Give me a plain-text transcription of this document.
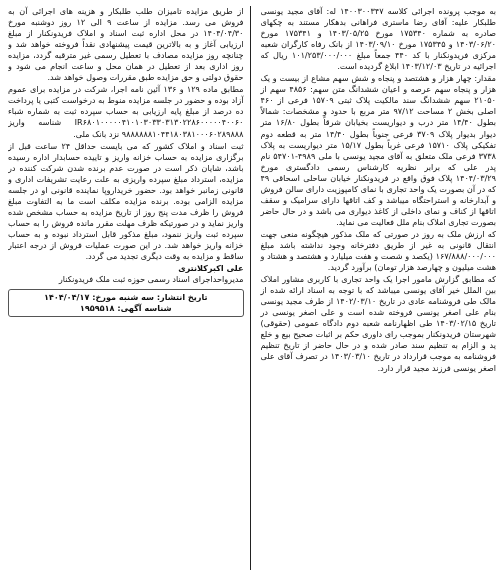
به موجب پرونده اجرائی کلاسه ۱۴۰۰۳۰۰۳۴۷ له: آقای مجید یونسی طلبکار علیه: آقای رضا ماستری فراهانی بدهکار مستند به چکهای صادره به شماره ۱۷۵۳۴۰ مورخ ۱۴۰۳/۰۵/۲۵ و ۱۷۵۳۴۱ مورخ ۱۴۰۳/۰۶/۲۰ و ۱۷۵۳۴۵ مورخ ۱۴۰۳/۰۹/۱۰ از بانک رفاه کارگران شعبه مرکزی فریدونکنار با کد ۴۴۰ جمعاً مبلغ ۱۰۱/۲۵۳/۰۰۰/۰۰۰ ریال که اجرائیه در تاریخ ۱۴۰۳/۱۲/۰۳ ابلاغ گردیده است.

مقدار: چهار هزار و هشتصد و پنجاه و شش سهم مشاع از بیست و یک هزار و پنجاه سهم عرصه و اعیان ششدانگ متن سهم: ۴۸۵۶ سهم از ۲۱۰۵۰ سهم ششدانگ سند مالکیت پلاک ثبتی ۱۵۷۰۹ فرعی از ۴۶۰ اصلی بخش ۲ مساحت ۹۷/۱۲ متر مربع با حدود و مشخصات: شمالاً بطول ۱۴/۴۰ متر درب و دیواریست بخیابان شرقاً بطول ۱۶/۸۰ متر دیوار بدیوار پلاک ۳۷۰۹ فرعی جنوباً بطول ۱۴/۴۰ متر به قطعه دوم تفکیکی پلاک ۱۵۷۱۰ فرعی غرباً بطول ۱۵/۱۷ متر دیواریست به پلاک ۳۷۳۸ فرعی ملک متعلق به آقای مجید یونسی با ملی ۴۹۸۹-۵۴۷۰۱ نام پدر علی که برابر نظریه کارشناس رسمی دادگستری مورخ ۱۴۰۴/۰۳/۲۹ پلاک فوق واقع در فریدونکنار خیابان ساحلی اسحاقی ۴۹ که در آن بصورت یک واحد تجاری با نمای کامپوزیت دارای سالن فروش و آبدارخانه و استراحتگاه میباشد و کف اتاقها دارای سرامیک و سقف اتاقها از کناف و نمای داخلی از کاغذ دیواری می باشد و در حال حاضر بصورت تجاری املاک بنام ملل فعالیت می نماید.

که ارزش ملک به روز در صورتی که ملک مذکور هیچگونه منعی جهت انتقال قانونی به غیر از طریق دفترخانه وجود نداشته باشد مبلغ ۱۶۷/۸۸۸/۰۰۰/۰۰۰ (یکصد و شصت و هفت میلیارد و هشتصد و هشتاد و هشت میلیون و چهارصد هزار تومان) برآورد گردید.

که مطابق گزارش مامور اجرا یک واحد تجاری با کاربری مشاور املاک بین الملل خیر آقای یونسی میباشد که با توجه به اسناد ارائه شده از مالک طی فروشنامه عادی در تاریخ ۱۴۰۲/۰۳/۱۰ از طرف مجید یونسی بنام علی اصغر یونسی فروخته شده است و علی اصغر یونسی در تاریخ ۱۴۰۳/۰۲/۱۵ طی اظهارنامه شعبه دوم دادگاه عمومی (حقوقی) شهرستان فریدونکنار بموجب رای داوری حکم بر اثبات صحیح بیع و خلع ید و الزام به تنظیم سند صادر شده و در حال حاضر از تاریخ تنظیم فروشنامه به موجب قرارداد در تاریخ ۱۴۰۳/۰۳/۱۰ در تصرف آقای علی اصغر یونسی فرزند مجید قرار دارد.

از طریق مزایده تامیزان طلب طلبکار و هزینه های اجرائی آن به فروش می رسد. مزایده از ساعت ۹ الی ۱۲ روز دوشنبه مورخ ۱۴۰۴/۰۴/۳۰ در محل اداره ثبت اسناد و املاک فریدونکنار از مبلغ ارزیابی آغاز و به بالاترین قیمت پیشنهادی نقداً فروخته خواهد شد و چنانچه روز مزایده مصادف با تعطیل رسمی غیر مترقبه گردد، مزایده روز اداری بعد از تعطیل در همان محل و ساعت انجام می شود و حقوق دولتی و حق مزایده طبق مقررات وصول خواهد شد.

مطابق ماده ۱۲۹ و ۱۳۶ آئین نامه اجرا، شرکت در مزایده برای عموم آزاد بوده و حضور در جلسه مزایده منوط به درخواست کتبی یا پرداخت ده درصد از مبلغ پایه ارزیابی به حساب سپرده ثبت به شماره شباء IR۶۸۰۱۰۰۰۰۰۴۱۰۱۰۳۰۳۳۰۳۱۳۰۲۲۸۶۰۰۰۰۰۴۰۰۶۰ شناسه واریز ۹۸۸۸۸۸۸۱۰۴۴۱۸۰۳۸۱۰۰۰۶۰۲۸۹۸۸۸ نزد بانک ملی.

ثبت اسناد و املاک کشور که می بایست حداقل ۲۴ ساعت قبل از برگزاری مزایده به حساب خزانه واریز و تاییده حسابدار اداره رسیده باشد، شایان ذکر است در صورت عدم برنده شدن شرکت کننده در مزایده، استرداد مبلغ سپرده واریزی به علت رعایت تشریفات اداری و قانونی زمانبر خواهد بود. حضور خریداروپا نماینده قانونی او در جلسه مزایده الزامی بوده. برنده مزایده مکلف است ما به التفاوت مبلغ فروش را ظرف مدت پنج روز از تاریخ مزایده به حساب مشخص شده واریز نماید و در صورتیکه ظرف مهلت مقرر مانده فروش را به حساب سپرده ثبت واریز ننمود، مبلغ مذکور قابل استرداد نبوده و به حساب خزانه واریز خواهد شد. در این صورت عملیات فروش از درجه اعتبار ساقط و مزایده به وقت دیگری تجدید می گردد.

علی اکبرکلانتری

مدیرواحداجرای اسناد رسمی حوزه ثبت ملک فریدونکنار

تاریخ انتشار: سه شنبه مورخ: ۱۴۰۴/۰۴/۱۷
شناسه آگهی: ۱۹۵۹۵۱۸
